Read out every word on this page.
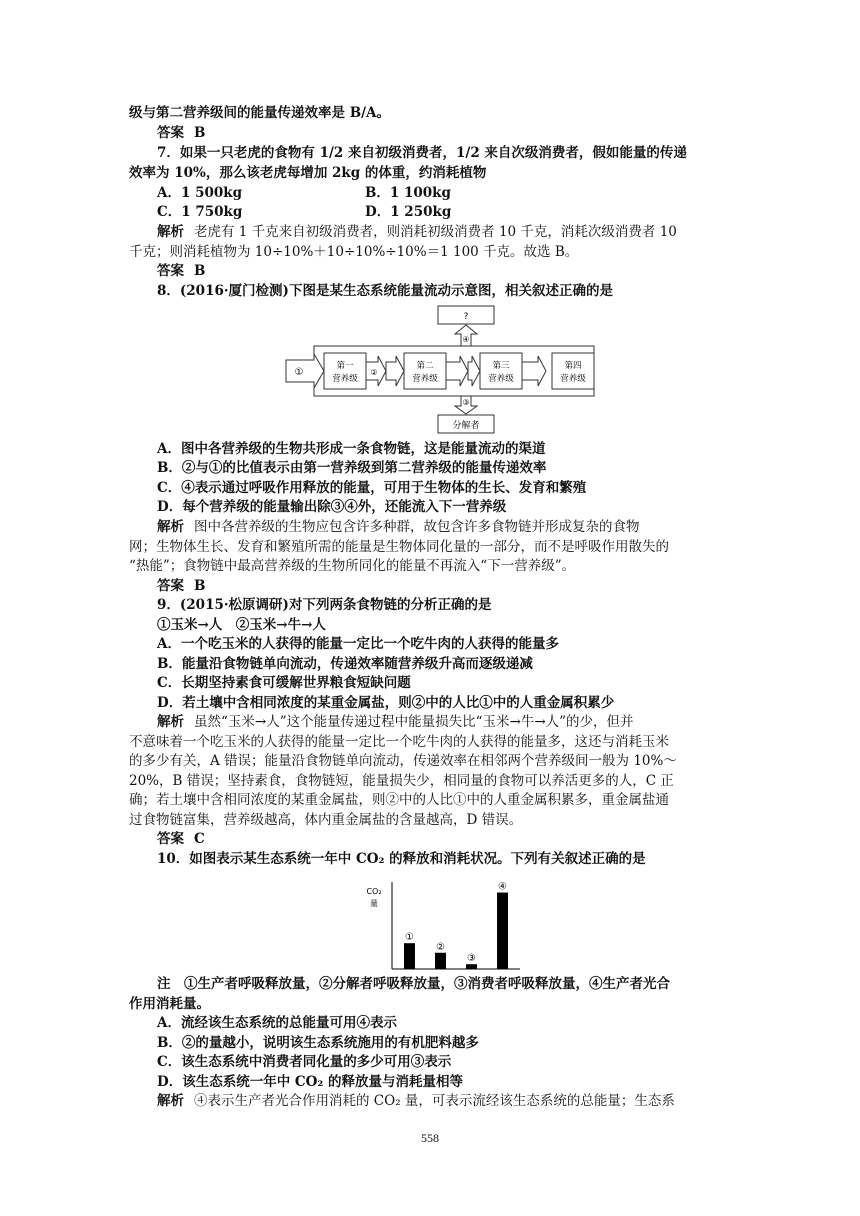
级与第二营养级间的能量传递效率是 B/A。
答案 B
7．如果一只老虎的食物有 1/2 来自初级消费者，1/2 来自次级消费者，假如能量的传递
效率为 10%，那么该老虎每增加 2kg 的体重，约消耗植物
A．1 500kg	B．1 100kg
C．1 750kg	D．1 250kg
解析 老虎有 1 千克来自初级消费者，则消耗初级消费者 10 千克，消耗次级消费者 10
千克；则消耗植物为 10÷10%＋10÷10%÷10%＝1 100 千克。故选 B。
答案 B
8．(2016·厦门检测)下图是某生态系统能量流动示意图，相关叙述正确的是
?
④
①
第一
营养级
②
第二
营养级
第三
营养级
第四
营养级
③
分解者
A．图中各营养级的生物共形成一条食物链，这是能量流动的渠道
B．②与①的比值表示由第一营养级到第二营养级的能量传递效率
C．④表示通过呼吸作用释放的能量，可用于生物体的生长、发育和繁殖
D．每个营养级的能量输出除③④外，还能流入下一营养级
解析 图中各营养级的生物应包含许多种群，故包含许多食物链并形成复杂的食物
网；生物体生长、发育和繁殖所需的能量是生物体同化量的一部分，而不是呼吸作用散失的
“热能”；食物链中最高营养级的生物所同化的能量不再流入“下一营养级”。
答案 B
9．(2015·松原调研)对下列两条食物链的分析正确的是
①玉米→人　②玉米→牛→人
A．一个吃玉米的人获得的能量一定比一个吃牛肉的人获得的能量多
B．能量沿食物链单向流动，传递效率随营养级升高而逐级递减
C．长期坚持素食可缓解世界粮食短缺问题
D．若土壤中含相同浓度的某重金属盐，则②中的人比①中的人重金属积累少
解析 虽然“玉米→人”这个能量传递过程中能量损失比“玉米→牛→人”的少，但并
不意味着一个吃玉米的人获得的能量一定比一个吃牛肉的人获得的能量多，这还与消耗玉米
的多少有关，A 错误；能量沿食物链单向流动，传递效率在相邻两个营养级间一般为 10%～
20%，B 错误；坚持素食，食物链短，能量损失少，相同量的食物可以养活更多的人，C 正
确；若土壤中含相同浓度的某重金属盐，则②中的人比①中的人重金属积累多，重金属盐通
过食物链富集，营养级越高，体内重金属盐的含量越高，D 错误。
答案 C
10．如图表示某生态系统一年中 CO₂ 的释放和消耗状况。下列有关叙述正确的是
CO₂
量
①
②
③
④
注　①生产者呼吸释放量，②分解者呼吸释放量，③消费者呼吸释放量，④生产者光合
作用消耗量。
A．流经该生态系统的总能量可用④表示
B．②的量越小，说明该生态系统施用的有机肥料越多
C．该生态系统中消费者同化量的多少可用③表示
D．该生态系统一年中 CO₂ 的释放量与消耗量相等
解析 ④表示生产者光合作用消耗的 CO₂ 量，可表示流经该生态系统的总能量；生态系
558
